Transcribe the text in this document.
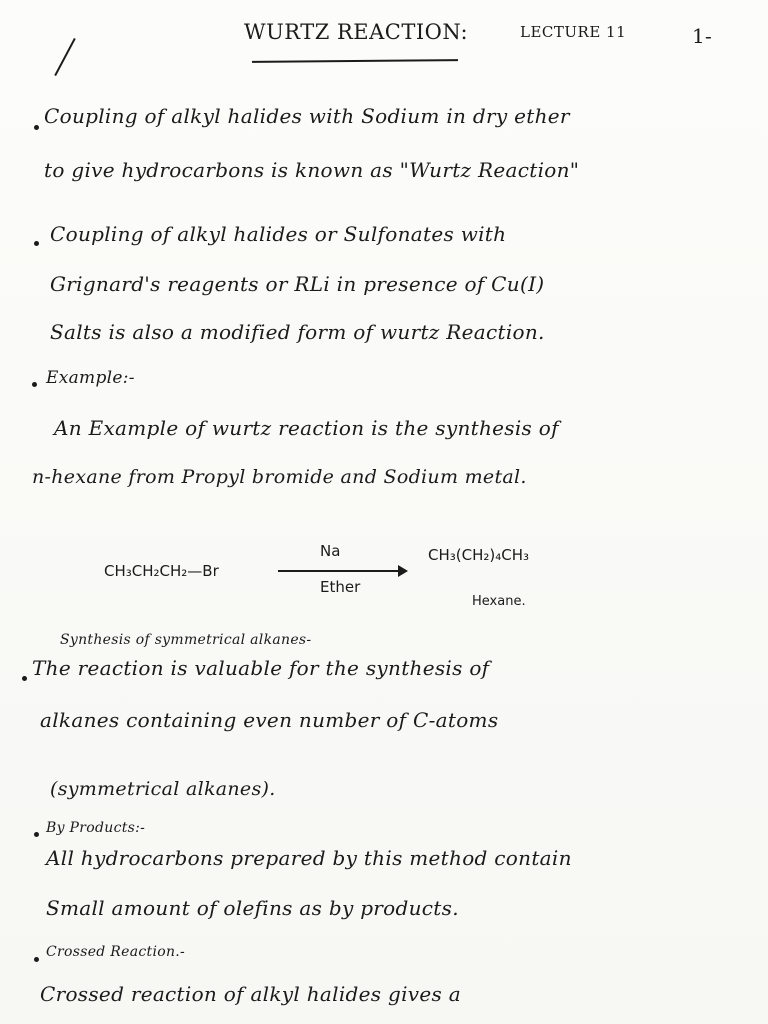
WURTZ REACTION:	LECTURE 11	1-
Coupling of alkyl halides with Sodium in dry ether
to give hydrocarbons is known as "Wurtz Reaction"
Coupling of alkyl halides or Sulfonates with
Grignard's reagents or RLi in presence of Cu(I)
Salts is also a modified form of wurtz Reaction.
Example:-
An Example of wurtz reaction is the synthesis of
n-hexane from Propyl bromide and Sodium metal.
CH₃CH₂CH₂—Br
Na
Ether
CH₃(CH₂)₄CH₃
Hexane.
Synthesis of symmetrical alkanes-
The reaction is valuable for the synthesis of
alkanes containing even number of C-atoms
(symmetrical alkanes).
By Products:-
All hydrocarbons prepared by this method contain
Small amount of olefins as by products.
Crossed Reaction.-
Crossed reaction of alkyl halides gives a
